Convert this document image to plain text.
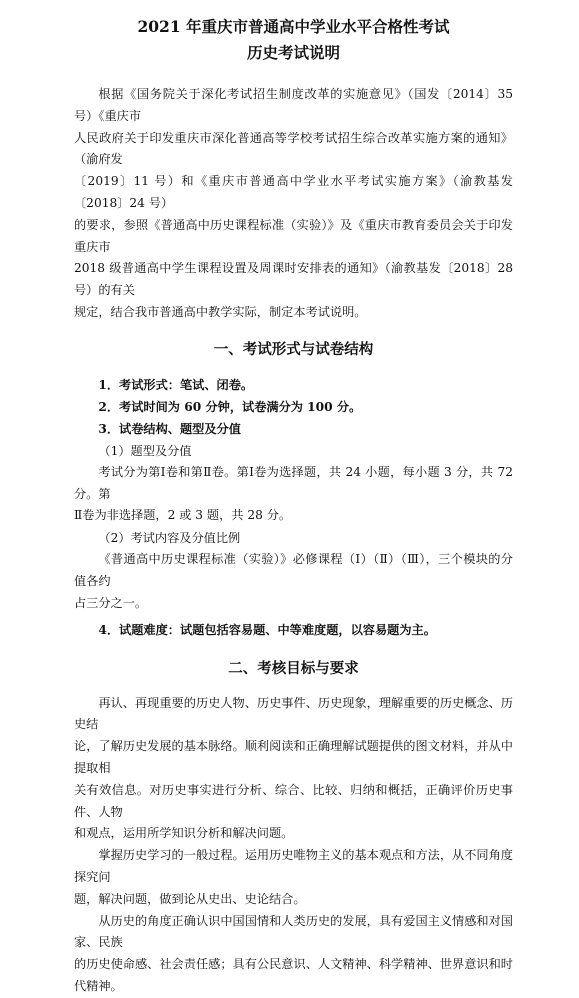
2021 年重庆市普通高中学业水平合格性考试
历史考试说明

根据《国务院关于深化考试招生制度改革的实施意见》（国发〔2014〕35 号）《重庆市
人民政府关于印发重庆市深化普通高等学校考试招生综合改革实施方案的通知》（渝府发
〔2019〕11 号）和《重庆市普通高中学业水平考试实施方案》（渝教基发〔2018〕24 号）
的要求，参照《普通高中历史课程标准（实验）》及《重庆市教育委员会关于印发重庆市
2018 级普通高中学生课程设置及周课时安排表的通知》（渝教基发〔2018〕28 号）的有关
规定，结合我市普通高中教学实际，制定本考试说明。

一、考试形式与试卷结构

1．考试形式：笔试、闭卷。

2．考试时间为 60 分钟，试卷满分为 100 分。

3．试卷结构、题型及分值

（1）题型及分值

考试分为第Ⅰ卷和第Ⅱ卷。第Ⅰ卷为选择题，共 24 小题，每小题 3 分，共 72 分。第
Ⅱ卷为非选择题，2 或 3 题，共 28 分。

（2）考试内容及分值比例

《普通高中历史课程标准（实验）》必修课程（Ⅰ）（Ⅱ）（Ⅲ），三个模块的分值各约
占三分之一。

4．试题难度：试题包括容易题、中等难度题，以容易题为主。

二、考核目标与要求

再认、再现重要的历史人物、历史事件、历史现象，理解重要的历史概念、历史结
论，了解历史发展的基本脉络。顺利阅读和正确理解试题提供的图文材料，并从中提取相
关有效信息。对历史事实进行分析、综合、比较、归纳和概括，正确评价历史事件、人物
和观点，运用所学知识分析和解决问题。

掌握历史学习的一般过程。运用历史唯物主义的基本观点和方法，从不同角度探究问
题，解决问题，做到论从史出、史论结合。

从历史的角度正确认识中国国情和人类历史的发展，具有爱国主义情感和对国家、民族
的历史使命感、社会责任感；具有公民意识、人文精神、科学精神、世界意识和时代精神。
